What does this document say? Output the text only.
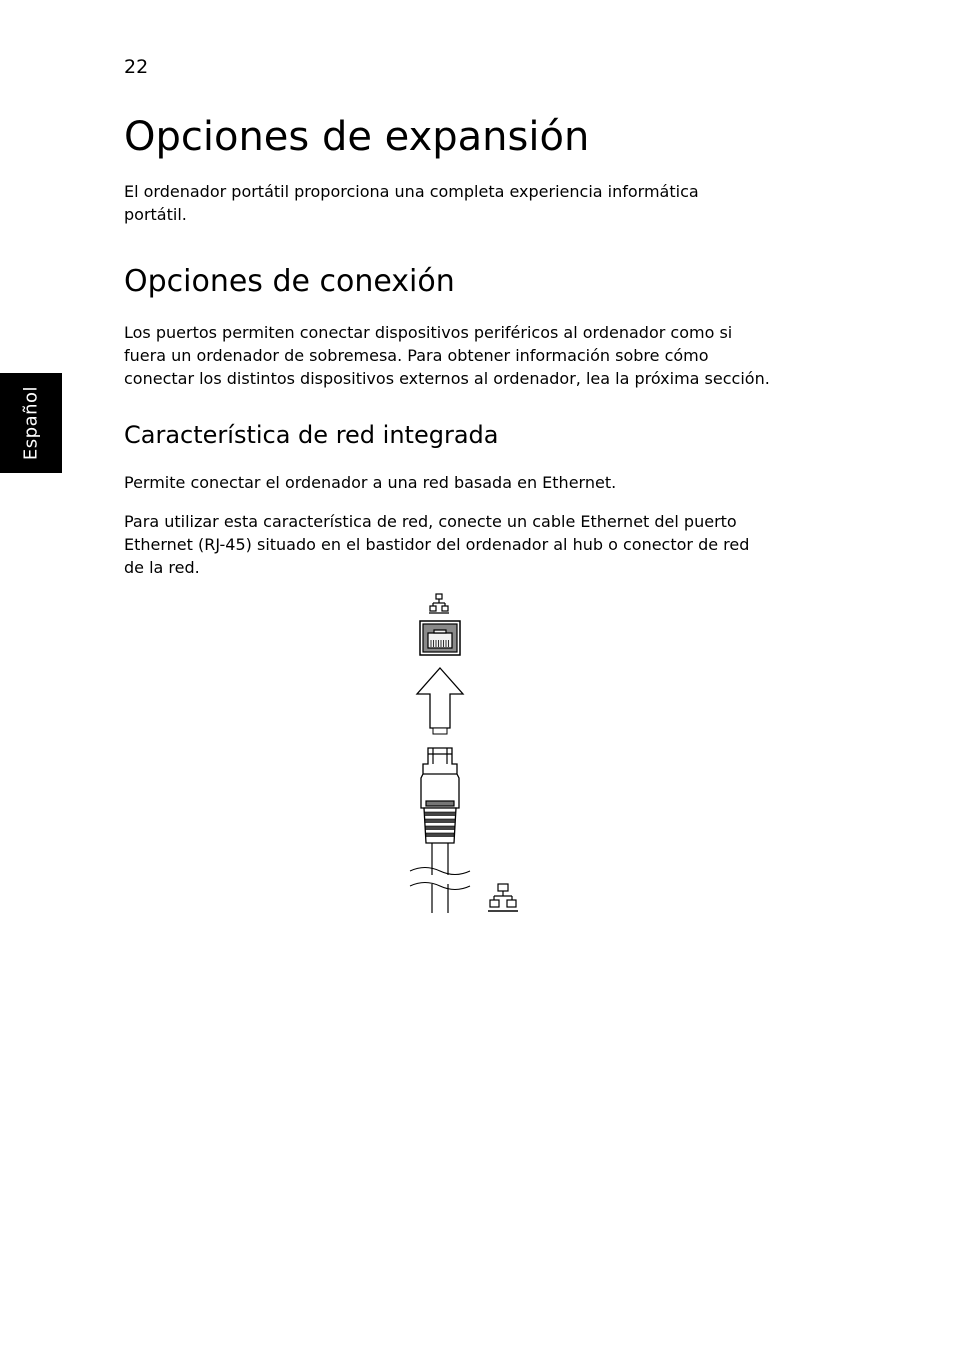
22
Español
Opciones de expansión

El ordenador portátil proporciona una completa experiencia informática
portátil.

Opciones de conexión

Los puertos permiten conectar dispositivos periféricos al ordenador como si
fuera un ordenador de sobremesa. Para obtener información sobre cómo
conectar los distintos dispositivos externos al ordenador, lea la próxima sección.

Característica de red integrada

Permite conectar el ordenador a una red basada en Ethernet.

Para utilizar esta característica de red, conecte un cable Ethernet del puerto
Ethernet (RJ-45) situado en el bastidor del ordenador al hub o conector de red
de la red.
